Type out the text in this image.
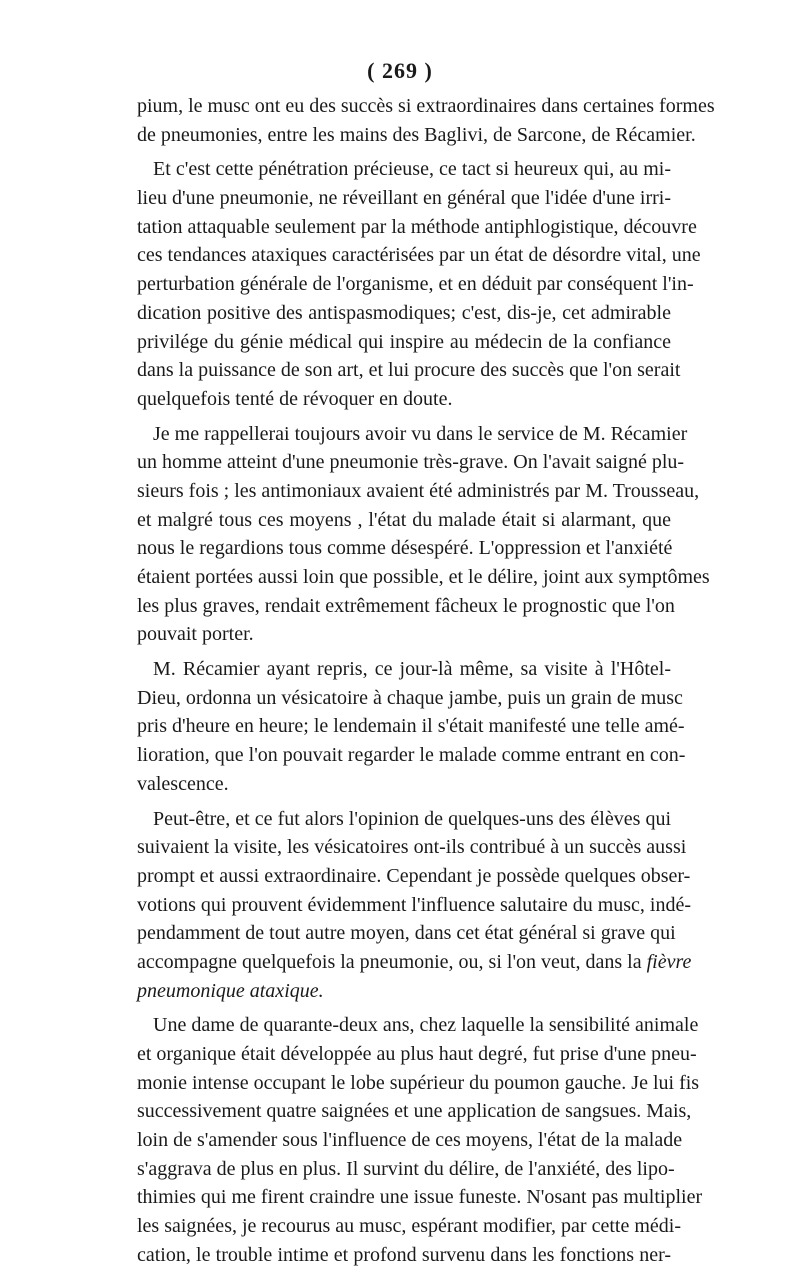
( 269 )
pium, le musc ont eu des succès si extraordinaires dans certaines formes
de pneumonies, entre les mains des Baglivi, de Sarcone, de Récamier.
Et c'est cette pénétration précieuse, ce tact si heureux qui, au mi-
lieu d'une pneumonie, ne réveillant en général que l'idée d'une irri-
tation attaquable seulement par la méthode antiphlogistique, découvre
ces tendances ataxiques caractérisées par un état de désordre vital, une
perturbation générale de l'organisme, et en déduit par conséquent l'in-
dication positive des antispasmodiques; c'est, dis-je, cet admirable
privilége du génie médical qui inspire au médecin de la confiance
dans la puissance de son art, et lui procure des succès que l'on serait
quelquefois tenté de révoquer en doute.
Je me rappellerai toujours avoir vu dans le service de M. Récamier
un homme atteint d'une pneumonie très-grave. On l'avait saigné plu-
sieurs fois ; les antimoniaux avaient été administrés par M. Trousseau,
et malgré tous ces moyens , l'état du malade était si alarmant, que
nous le regardions tous comme désespéré. L'oppression et l'anxiété
étaient portées aussi loin que possible, et le délire, joint aux symptômes
les plus graves, rendait extrêmement fâcheux le prognostic que l'on
pouvait porter.
M. Récamier ayant repris, ce jour-là même, sa visite à l'Hôtel-
Dieu, ordonna un vésicatoire à chaque jambe, puis un grain de musc
pris d'heure en heure; le lendemain il s'était manifesté une telle amé-
lioration, que l'on pouvait regarder le malade comme entrant en con-
valescence.
Peut-être, et ce fut alors l'opinion de quelques-uns des élèves qui
suivaient la visite, les vésicatoires ont-ils contribué à un succès aussi
prompt et aussi extraordinaire. Cependant je possède quelques obser-
votions qui prouvent évidemment l'influence salutaire du musc, indé-
pendamment de tout autre moyen, dans cet état général si grave qui
accompagne quelquefois la pneumonie, ou, si l'on veut, dans la fièvre
pneumonique ataxique.
Une dame de quarante-deux ans, chez laquelle la sensibilité animale
et organique était développée au plus haut degré, fut prise d'une pneu-
monie intense occupant le lobe supérieur du poumon gauche. Je lui fis
successivement quatre saignées et une application de sangsues. Mais,
loin de s'amender sous l'influence de ces moyens, l'état de la malade
s'aggrava de plus en plus. Il survint du délire, de l'anxiété, des lipo-
thimies qui me firent craindre une issue funeste. N'osant pas multiplier
les saignées, je recourus au musc, espérant modifier, par cette médi-
cation, le trouble intime et profond survenu dans les fonctions ner-
